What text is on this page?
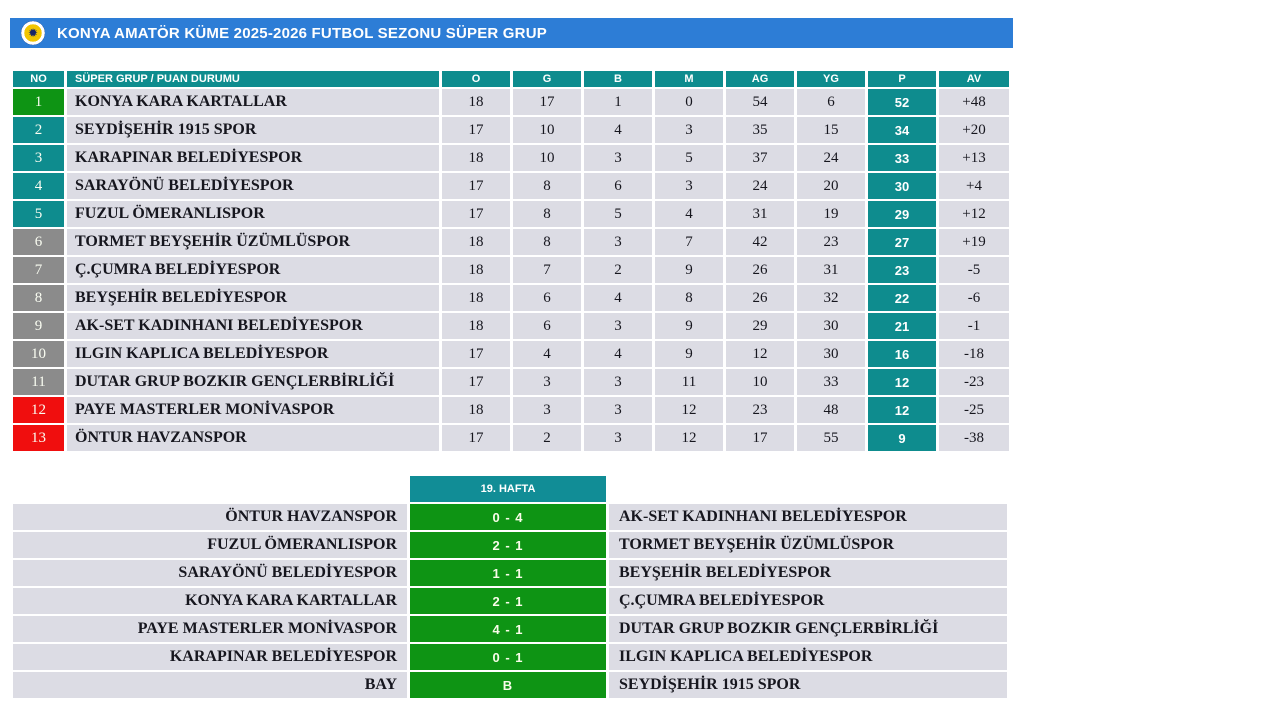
✹	KONYA AMATÖR KÜME 2025-2026 FUTBOL SEZONU SÜPER GRUP
NO	SÜPER GRUP / PUAN DURUMU	O	G	B	M	AG	YG	P	AV
1	KONYA KARA KARTALLAR	18	17	1	0	54	6	52	+48
2	SEYDİŞEHİR 1915 SPOR	17	10	4	3	35	15	34	+20
3	KARAPINAR BELEDİYESPOR	18	10	3	5	37	24	33	+13
4	SARAYÖNÜ BELEDİYESPOR	17	8	6	3	24	20	30	+4
5	FUZUL ÖMERANLISPOR	17	8	5	4	31	19	29	+12
6	TORMET BEYŞEHİR ÜZÜMLÜSPOR	18	8	3	7	42	23	27	+19
7	Ç.ÇUMRA BELEDİYESPOR	18	7	2	9	26	31	23	-5
8	BEYŞEHİR BELEDİYESPOR	18	6	4	8	26	32	22	-6
9	AK-SET KADINHANI BELEDİYESPOR	18	6	3	9	29	30	21	-1
10	ILGIN KAPLICA BELEDİYESPOR	17	4	4	9	12	30	16	-18
11	DUTAR GRUP BOZKIR GENÇLERBİRLİĞİ	17	3	3	11	10	33	12	-23
12	PAYE MASTERLER MONİVASPOR	18	3	3	12	23	48	12	-25
13	ÖNTUR HAVZANSPOR	17	2	3	12	17	55	9	-38
	19. HAFTA	
ÖNTUR HAVZANSPOR	0 - 4	AK-SET KADINHANI BELEDİYESPOR
FUZUL ÖMERANLISPOR	2 - 1	TORMET BEYŞEHİR ÜZÜMLÜSPOR
SARAYÖNÜ BELEDİYESPOR	1 - 1	BEYŞEHİR BELEDİYESPOR
KONYA KARA KARTALLAR	2 - 1	Ç.ÇUMRA BELEDİYESPOR
PAYE MASTERLER MONİVASPOR	4 - 1	DUTAR GRUP BOZKIR GENÇLERBİRLİĞİ
KARAPINAR BELEDİYESPOR	0 - 1	ILGIN KAPLICA BELEDİYESPOR
BAY	B	SEYDİŞEHİR 1915 SPOR
